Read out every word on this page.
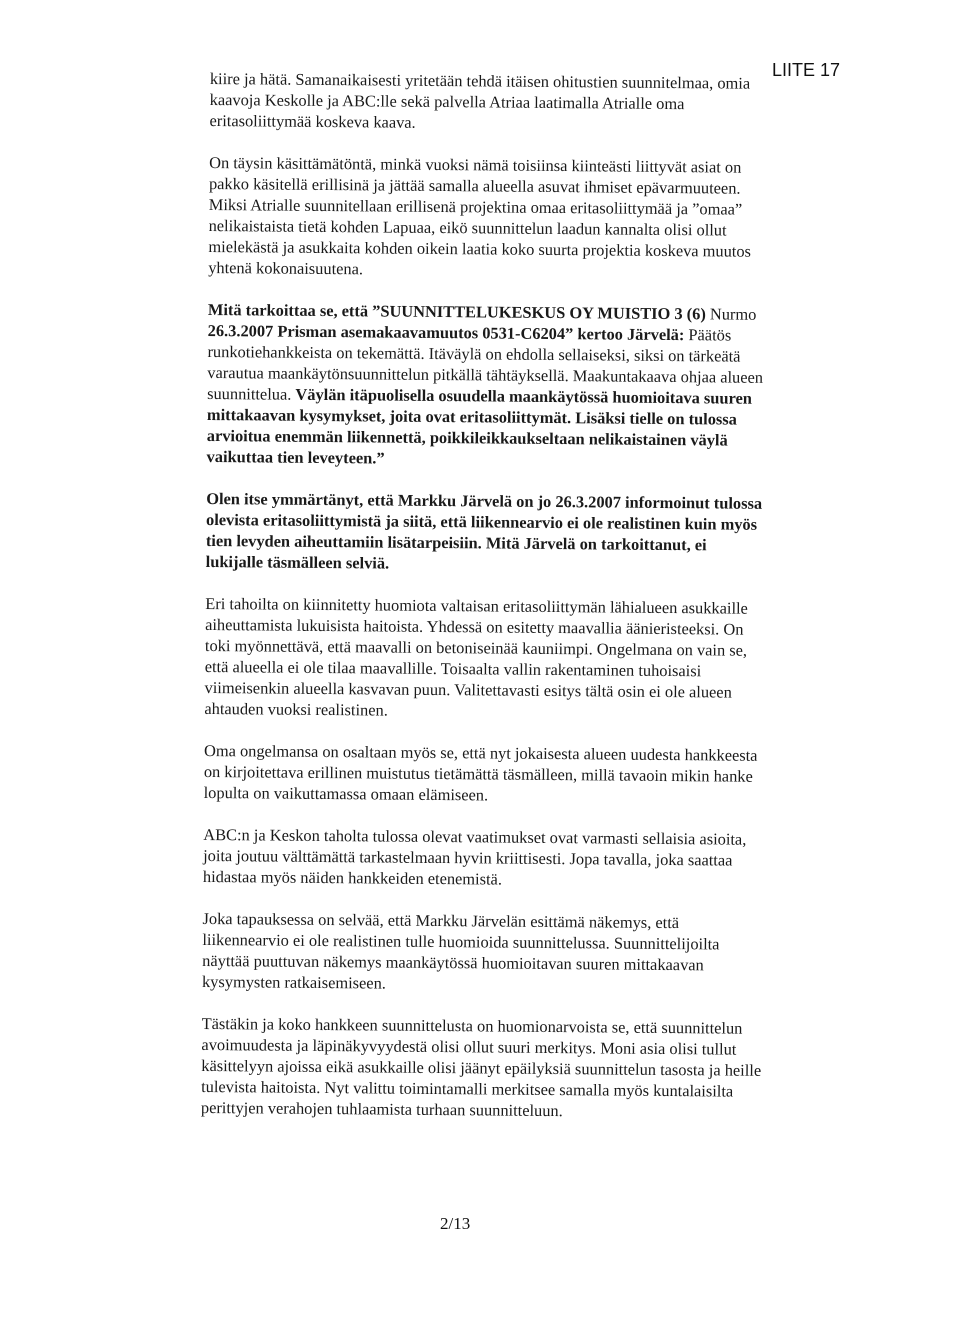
LIITE 17

kiire ja hätä. Samanaikaisesti yritetään tehdä itäisen ohitustien suunnitelmaa, omia
kaavoja Keskolle ja ABC:lle sekä palvella Atriaa laatimalla Atrialle oma
eritasoliittymää koskeva kaava.

On täysin käsittämätöntä, minkä vuoksi nämä toisiinsa kiinteästi liittyvät asiat on
pakko käsitellä erillisinä ja jättää samalla alueella asuvat ihmiset epävarmuuteen.
Miksi Atrialle suunnitellaan erillisenä projektina omaa eritasoliittymää ja ”omaa”
nelikaistaista tietä kohden Lapuaa, eikö suunnittelun laadun kannalta olisi ollut
mielekästä ja asukkaita kohden oikein laatia koko suurta projektia koskeva muutos
yhtenä kokonaisuutena.

Mitä tarkoittaa se, että ”SUUNNITTELUKESKUS OY MUISTIO 3 (6) Nurmo
26.3.2007 Prisman asemakaavamuutos 0531-C6204” kertoo Järvelä: Päätös
runkotiehankkeista on tekemättä. Itäväylä on ehdolla sellaiseksi, siksi on tärkeätä
varautua maankäytönsuunnittelun pitkällä tähtäykse​llä. Maakuntakaava ohjaa alueen
suunnittelua. Väylän itäpuolisella osuudella maankäytössä huomioitava suuren
mittakaavan kysymykset, joita ovat eritasoliittymät. Lisäksi tielle on tulossa
arvioitua enemmän liikennettä, poikkileikkaukseltaan nelikaistainen väylä
vaikuttaa tien leveyteen.”

Olen itse ymmärtänyt, että Markku Järvelä on jo 26.3.2007 informoinut tulossa
olevista eritasoliittymistä ja siitä, että liikennearvio ei ole realistinen kuin myös
tien levyden aiheuttamiin lisätarpeisiin. Mitä Järvelä on tarkoittanut, ei
lukijalle täsmälleen selviä.

Eri tahoilta on kiinnitetty huomiota valtaisan eritasoliittymän lähialueen asukkaille
aiheuttamista lukuisista haitoista. Yhdessä on esitetty maavallia äänieristeeksi. On
toki myönnettävä, että maavalli on betoniseinää kauniimpi. Ongelmana on vain se,
että alueella ei ole tilaa maavallille. Toisaalta vallin rakentaminen tuhoisaisi
viimeisenkin alueella kasvavan puun. Valitettavasti esitys tältä osin ei ole alueen
ahtauden vuoksi realistinen.

Oma ongelmansa on osaltaan myös se, että nyt jokaisesta alueen uudesta hankkeesta
on kirjoitettava erillinen muistutus tietämättä täsmälleen, millä tavaoin mikin hanke
lopulta on vaikuttamassa omaan elämiseen.

ABC:n ja Keskon taholta tulossa olevat vaatimukset ovat varmasti sellaisia asioita,
joita joutuu välttämättä tarkastelmaan hyvin kriittisesti. Jopa tavalla, joka saattaa
hidastaa myös näiden hankkeiden etenemistä.

Joka tapauksessa on selvää, että Markku Järvelän esittämä näkemys, että
liikennearvio ei ole realistinen tulle huomioida suunnittelussa. Suunnittelijoilta
näyttää puuttuvan näkemys maankäytössä huomioitavan suuren mittakaavan
kysymysten ratkaisemiseen.

Tästäkin ja koko hankkeen suunnittelusta on huomionarvoista se, että suunnittelun
avoimuudesta ja läpinäkyvyydestä olisi ollut suuri merkitys. Moni asia olisi tullut
käsittelyyn ajoissa eikä asukkaille olisi jäänyt epäilyksiä suunnittelun tasosta ja heille
tulevista haitoista. Nyt valittu toimintamalli merkitsee samalla myös kuntalaisilta
perittyjen verahojen tuhlaamista turhaan suunnitteluun.

2/13
